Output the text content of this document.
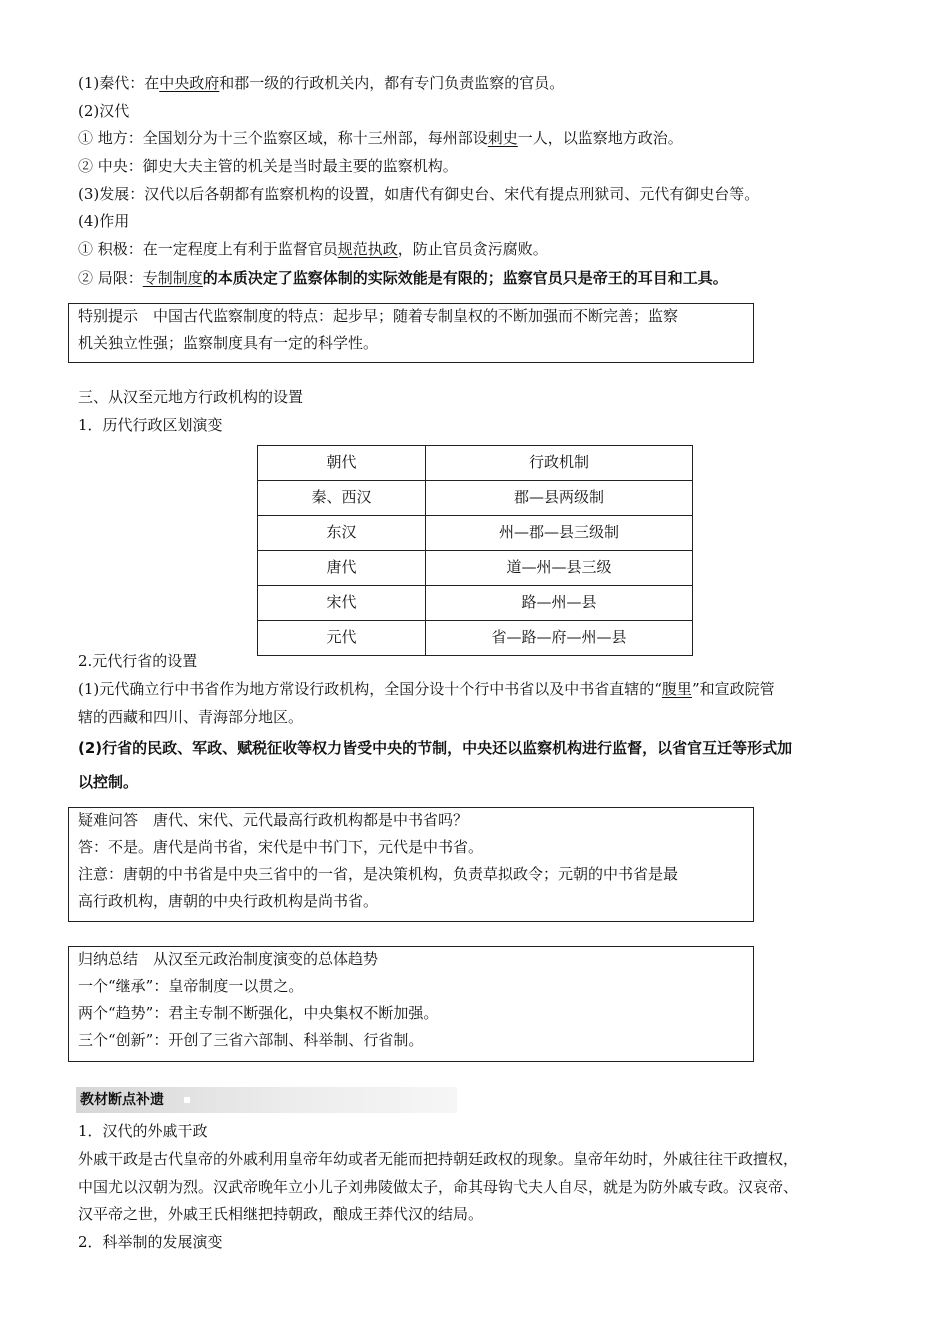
(1)秦代：在中央政府和郡一级的行政机关内，都有专门负责监察的官员。
(2)汉代
① 地方：全国划分为十三个监察区域，称十三州部，每州部设刺史一人，以监察地方政治。
② 中央：御史大夫主管的机关是当时最主要的监察机构。
(3)发展：汉代以后各朝都有监察机构的设置，如唐代有御史台、宋代有提点刑狱司、元代有御史台等。
(4)作用
① 积极：在一定程度上有利于监督官员规范执政，防止官员贪污腐败。
② 局限：专制制度的本质决定了监察体制的实际效能是有限的；监察官员只是帝王的耳目和工具。
特别提示　中国古代监察制度的特点：起步早；随着专制皇权的不断加强而不断完善；监察
机关独立性强；监察制度具有一定的科学性。
三、从汉至元地方行政机构的设置
1．历代行政区划演变
朝代	行政机制
秦、西汉	郡—县两级制
东汉	州—郡—县三级制
唐代	道—州—县三级
宋代	路—州—县
元代	省—路—府—州—县
2.元代行省的设置
(1)元代确立行中书省作为地方常设行政机构，全国分设十个行中书省以及中书省直辖的“腹里”和宣政院管
辖的西藏和四川、青海部分地区。
(2)行省的民政、军政、赋税征收等权力皆受中央的节制，中央还以监察机构进行监督，以省官互迁等形式加
以控制。
疑难问答　唐代、宋代、元代最高行政机构都是中书省吗？
答：不是。唐代是尚书省，宋代是中书门下，元代是中书省。
注意：唐朝的中书省是中央三省中的一省，是决策机构，负责草拟政令；元朝的中书省是最
高行政机构，唐朝的中央行政机构是尚书省。
归纳总结　从汉至元政治制度演变的总体趋势
一个“继承”：皇帝制度一以贯之。
两个“趋势”：君主专制不断强化，中央集权不断加强。
三个“创新”：开创了三省六部制、科举制、行省制。
教材断点补遗
1．汉代的外戚干政
外戚干政是古代皇帝的外戚利用皇帝年幼或者无能而把持朝廷政权的现象。皇帝年幼时，外戚往往干政擅权，
中国尤以汉朝为烈。汉武帝晚年立小儿子刘弗陵做太子，命其母钩弋夫人自尽，就是为防外戚专政。汉哀帝、
汉平帝之世，外戚王氏相继把持朝政，酿成王莽代汉的结局。
2．科举制的发展演变
